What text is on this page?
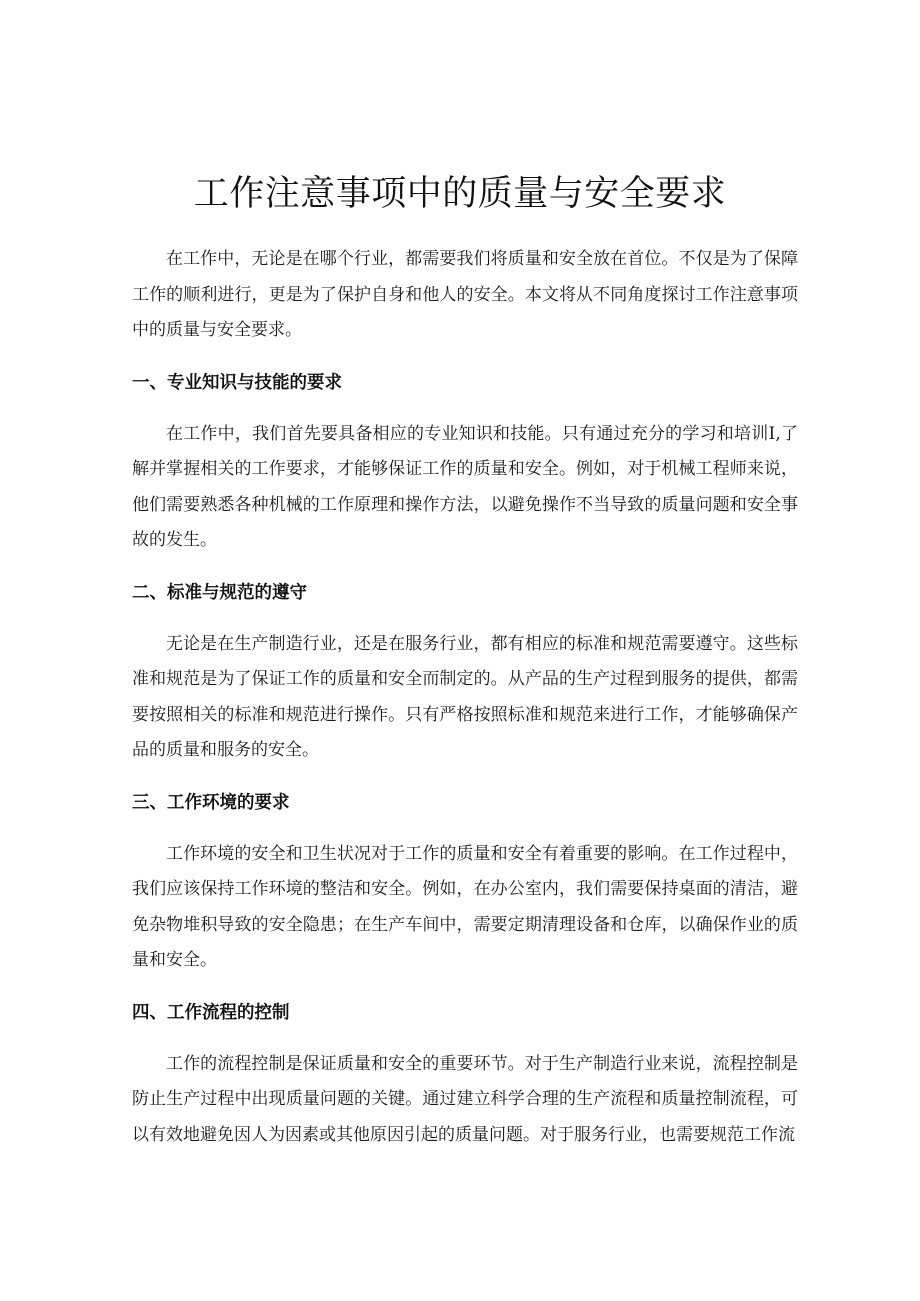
工作注意事项中的质量与安全要求

在工作中，无论是在哪个行业，都需要我们将质量和安全放在首位。不仅是为了保障工作的顺利进行，更是为了保护自身和他人的安全。本文将从不同角度探讨工作注意事项中的质量与安全要求。

一、专业知识与技能的要求

在工作中，我们首先要具备相应的专业知识和技能。只有通过充分的学习和培训Ⅰ,了解并掌握相关的工作要求，才能够保证工作的质量和安全。例如，对于机械工程师来说，他们需要熟悉各种机械的工作原理和操作方法，以避免操作不当导致的质量问题和安全事故的发生。

二、标准与规范的遵守

无论是在生产制造行业，还是在服务行业，都有相应的标准和规范需要遵守。这些标准和规范是为了保证工作的质量和安全而制定的。从产品的生产过程到服务的提供，都需要按照相关的标准和规范进行操作。只有严格按照标准和规范来进行工作，才能够确保产品的质量和服务的安全。

三、工作环境的要求

工作环境的安全和卫生状况对于工作的质量和安全有着重要的影响。在工作过程中，我们应该保持工作环境的整洁和安全。例如，在办公室内，我们需要保持桌面的清洁，避免杂物堆积导致的安全隐患；在生产车间中，需要定期清理设备和仓库，以确保作业的质量和安全。

四、工作流程的控制

工作的流程控制是保证质量和安全的重要环节。对于生产制造行业来说，流程控制是防止生产过程中出现质量问题的关键。通过建立科学合理的生产流程和质量控制流程，可以有效地避免因人为因素或其他原因引起的质量问题。对于服务行业，也需要规范工作流
